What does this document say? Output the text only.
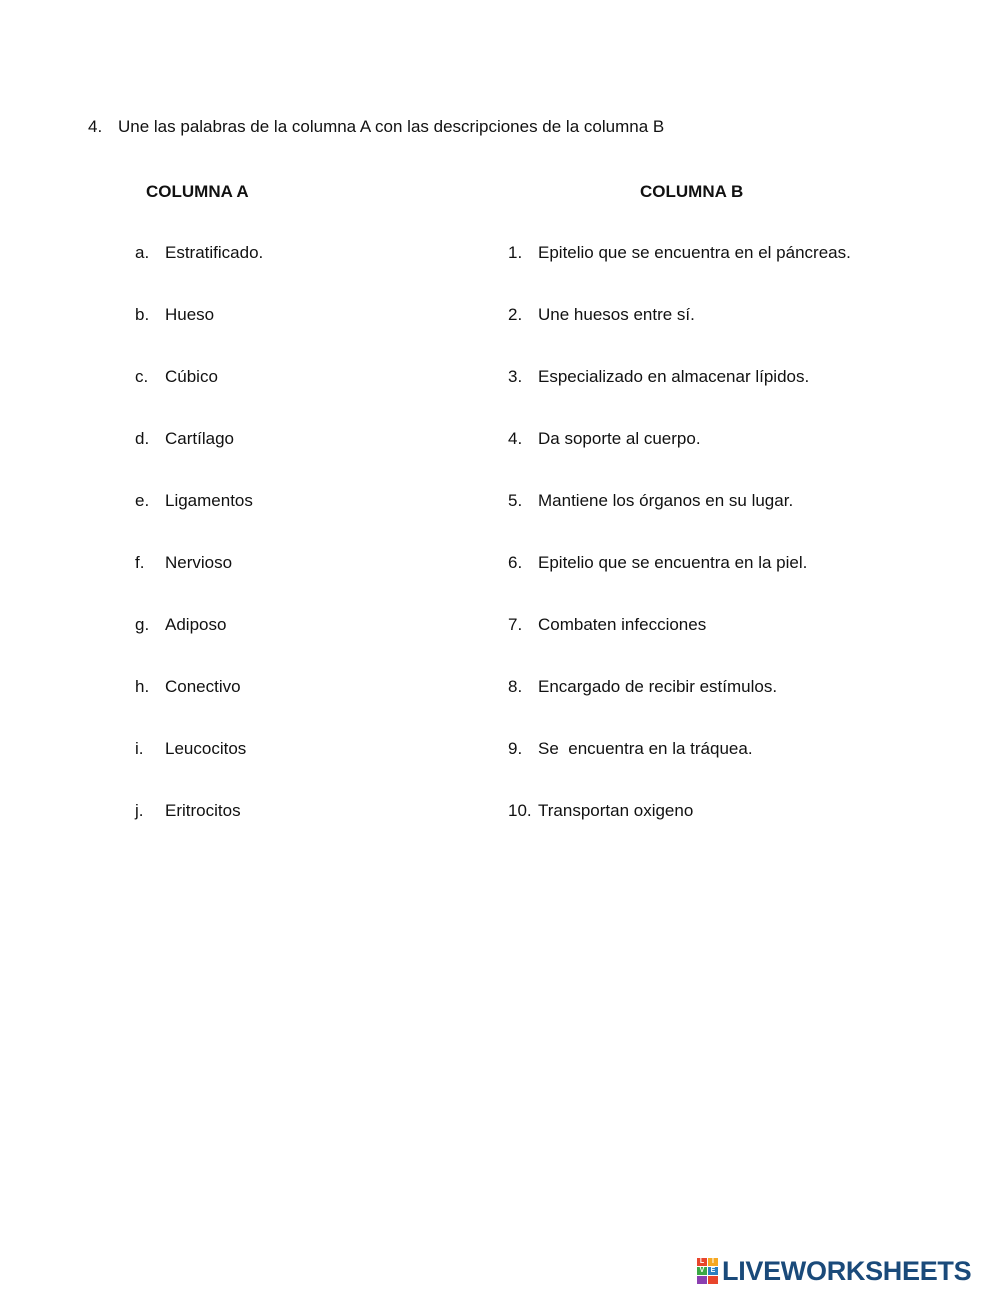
4. Une las palabras de la columna A con las descripciones de la columna B
COLUMNA A	COLUMNA B
a. Estratificado.
b. Hueso
c. Cúbico
d. Cartílago
e. Ligamentos
f. Nervioso
g. Adiposo
h. Conectivo
i. Leucocitos
j. Eritrocitos
1. Epitelio que se encuentra en el páncreas.
2. Une huesos entre sí.
3. Especializado en almacenar lípidos.
4. Da soporte al cuerpo.
5. Mantiene los órganos en su lugar.
6. Epitelio que se encuentra en la piel.
7. Combaten infecciones
8. Encargado de recibir estímulos.
9. Se  encuentra en la tráquea.
10. Transportan oxigeno
L	I
V E LIVEWORKSHEETS
